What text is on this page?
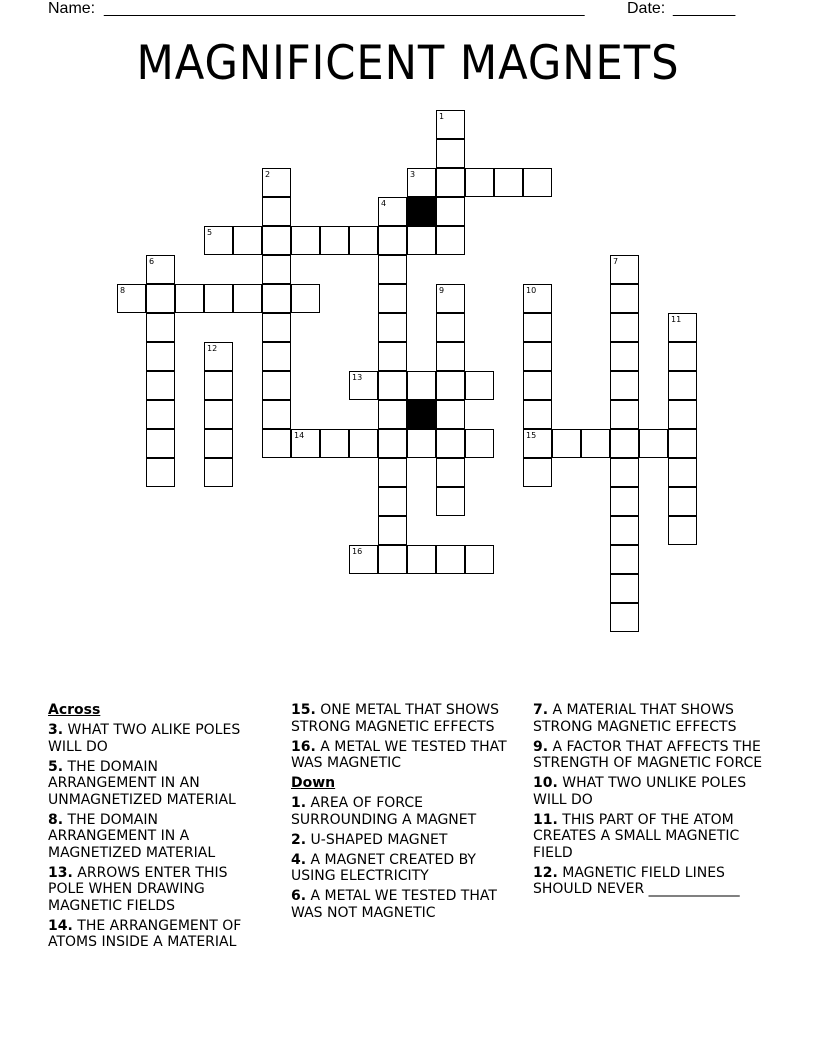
Name: ______________________________________________________	Date: _______
MAGNIFICENT MAGNETS
1
2	3
4
5
6	7
8	9	10
15
11
12
13
14
16
Across
3. WHAT TWO ALIKE POLES WILL DO
5. THE DOMAIN ARRANGEMENT IN AN UNMAGNETIZED MATERIAL
8. THE DOMAIN ARRANGEMENT IN A MAGNETIZED MATERIAL
13. ARROWS ENTER THIS POLE WHEN DRAWING MAGNETIC FIELDS
14. THE ARRANGEMENT OF ATOMS INSIDE A MATERIAL
15. ONE METAL THAT SHOWS STRONG MAGNETIC EFFECTS
16. A METAL WE TESTED THAT WAS MAGNETIC
Down
1. AREA OF FORCE SURROUNDING A MAGNET
2. U-SHAPED MAGNET
4. A MAGNET CREATED BY USING ELECTRICITY
6. A METAL WE TESTED THAT WAS NOT MAGNETIC
7. A MATERIAL THAT SHOWS STRONG MAGNETIC EFFECTS
9. A FACTOR THAT AFFECTS THE STRENGTH OF MAGNETIC FORCE
10. WHAT TWO UNLIKE POLES WILL DO
11. THIS PART OF THE ATOM CREATES A SMALL MAGNETIC FIELD
12. MAGNETIC FIELD LINES SHOULD NEVER _____________
